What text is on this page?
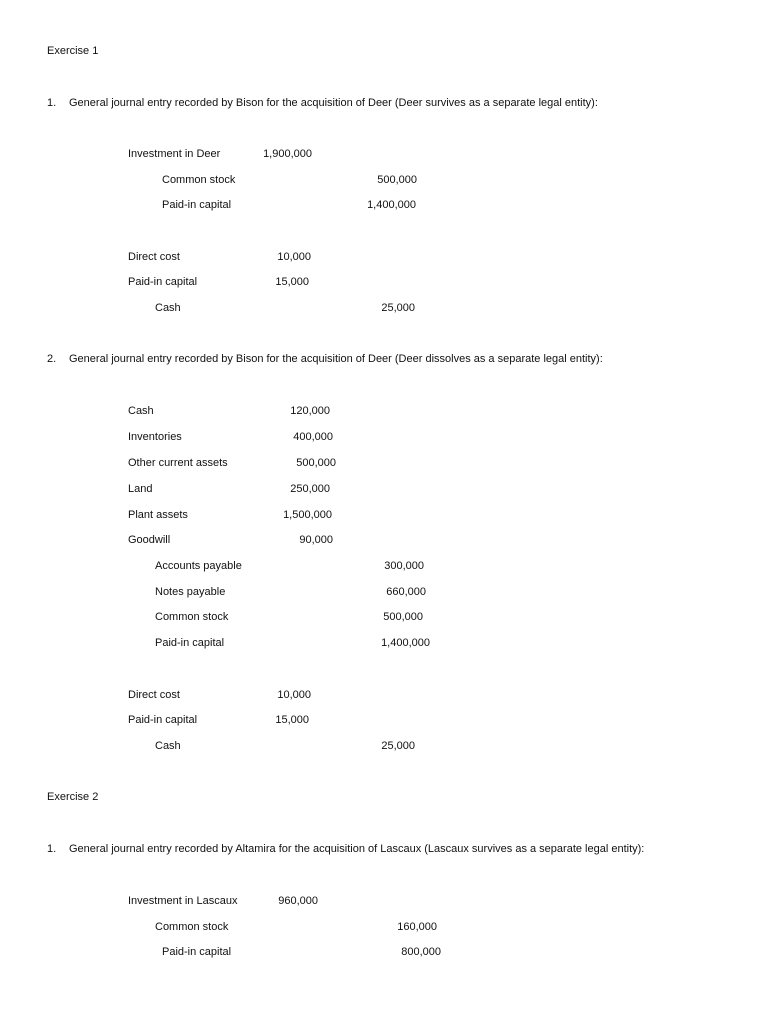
Exercise 1
1. General journal entry recorded by Bison for the acquisition of Deer (Deer survives as a separate legal entity):
Investment in Deer	1,900,000
Common stock	500,000
Paid-in capital	1,400,000
Direct cost	10,000
Paid-in capital	15,000
Cash	25,000
2. General journal entry recorded by Bison for the acquisition of Deer (Deer dissolves as a separate legal entity):
Cash	120,000
Inventories	400,000
Other current assets	500,000
Land	250,000
Plant assets	1,500,000
Goodwill	90,000
Accounts payable	300,000
Notes payable	660,000
Common stock	500,000
Paid-in capital	1,400,000
Direct cost	10,000
Paid-in capital	15,000
Cash	25,000
Exercise 2
1. General journal entry recorded by Altamira for the acquisition of Lascaux (Lascaux survives as a separate legal entity):
Investment in Lascaux	960,000
Common stock	160,000
Paid-in capital	800,000
